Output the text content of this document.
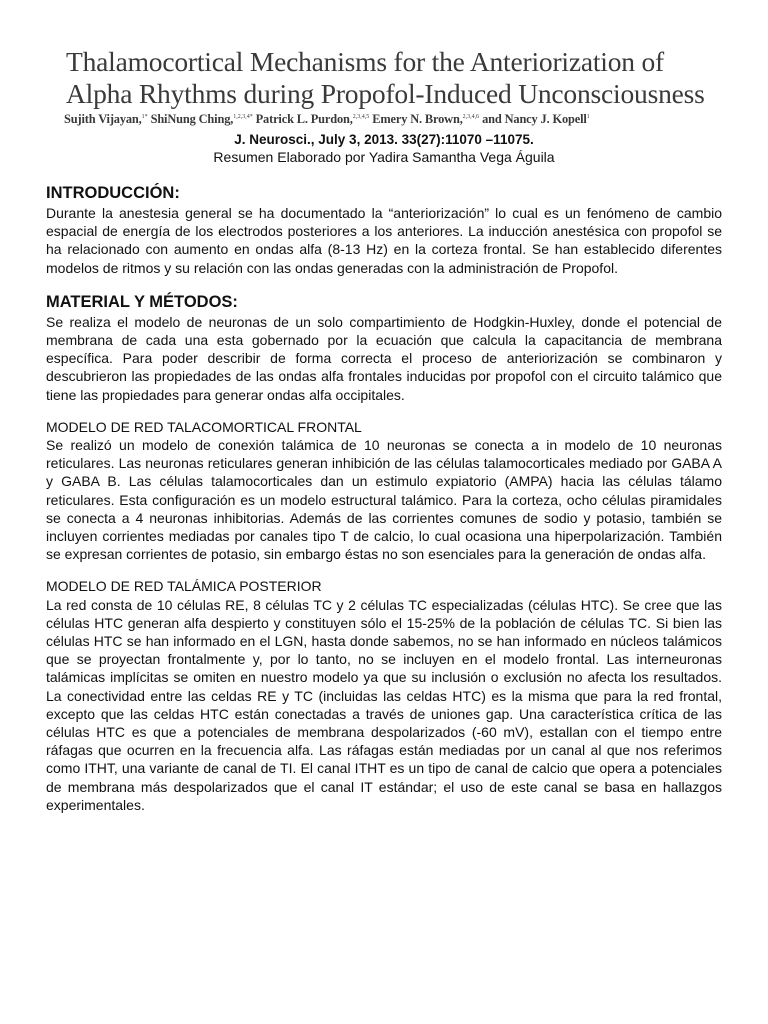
Thalamocortical Mechanisms for the Anteriorization of
Alpha Rhythms during Propofol-Induced Unconsciousness
Sujith Vijayan,$^{1*}$ ShiNung Ching,$^{1,2,3,4*}$ Patrick L. Purdon,$^{2,3,4,5}$ Emery N. Brown,$^{2,3,4,6}$ and Nancy J. Kopell$^1$
J. Neurosci., July 3, 2013. 33(27):11070 –11075.
Resumen Elaborado por Yadira Samantha Vega Águila
INTRODUCCIÓN:

Durante la anestesia general se ha documentado la “anteriorización” lo cual es un fenómeno de cambio espacial de energía de los electrodos posteriores a los anteriores. La inducción anestésica con propofol se ha relacionado con aumento en ondas alfa (8-13 Hz) en la corteza frontal. Se han establecido diferentes modelos de ritmos y su relación con las ondas generadas con la administración de Propofol.

MATERIAL Y MÉTODOS:

Se realiza el modelo de neuronas de un solo compartimiento de Hodgkin-Huxley, donde el potencial de membrana de cada una esta gobernado por la ecuación que calcula la capacitancia de membrana específica. Para poder describir de forma correcta el proceso de anteriorización se combinaron y descubrieron las propiedades de las ondas alfa frontales inducidas por propofol con el circuito talámico que tiene las propiedades para generar ondas alfa occipitales.

MODELO DE RED TALACOMORTICAL FRONTAL

Se realizó un modelo de conexión talámica de 10 neuronas se conecta a in modelo de 10 neuronas reticulares. Las neuronas reticulares generan inhibición de las células talamocorticales mediado por GABA A y GABA B. Las células talamocorticales dan un estimulo expiatorio (AMPA) hacia las células tálamo reticulares. Esta configuración es un modelo estructural talámico. Para la corteza, ocho células piramidales se conecta a 4 neuronas inhibitorias. Además de las corrientes comunes de sodio y potasio, también se incluyen corrientes mediadas por canales tipo T de calcio, lo cual ocasiona una hiperpolarización. También se expresan corrientes de potasio, sin embargo éstas no son esenciales para la generación de ondas alfa.

MODELO DE RED TALÁMICA POSTERIOR

La red consta de 10 células RE, 8 células TC y 2 células TC especializadas (células HTC). Se cree que las células HTC generan alfa despierto y constituyen sólo el 15-25% de la población de células TC. Si bien las células HTC se han informado en el LGN, hasta donde sabemos, no se han informado en núcleos talámicos que se proyectan frontalmente y, por lo tanto, no se incluyen en el modelo frontal. Las interneuronas talámicas implícitas se omiten en nuestro modelo ya que su inclusión o exclusión no afecta los resultados. La conectividad entre las celdas RE y TC (incluidas las celdas HTC) es la misma que para la red frontal, excepto que las celdas HTC están conectadas a través de uniones gap. Una característica crítica de las células HTC es que a potenciales de membrana despolarizados (-60 mV), estallan con el tiempo entre ráfagas que ocurren en la frecuencia alfa. Las ráfagas están mediadas por un canal al que nos referimos como ITHT, una variante de canal de TI. El canal ITHT es un tipo de canal de calcio que opera a potenciales de membrana más despolarizados que el canal IT estándar; el uso de este canal se basa en hallazgos experimentales.
